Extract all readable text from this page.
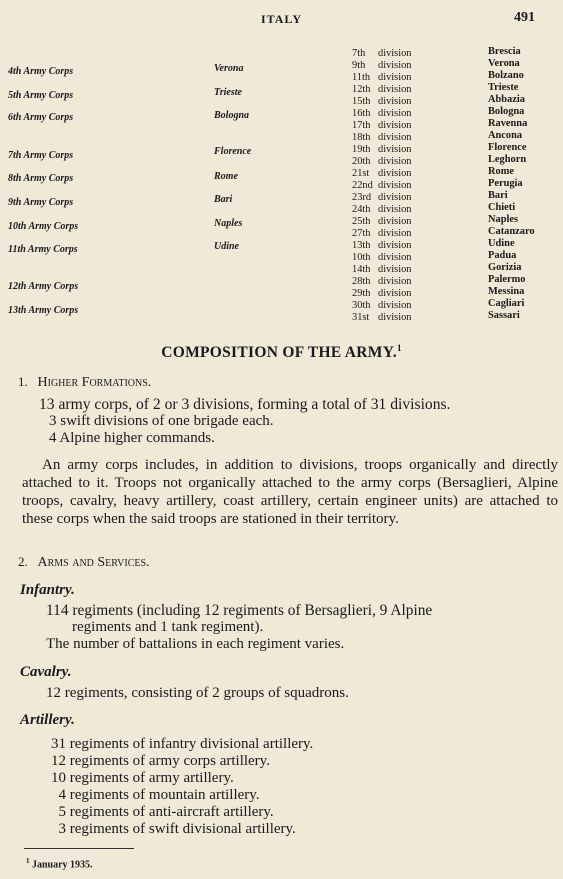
ITALY	491
4th Army Corps
5th Army Corps
6th Army Corps
7th Army Corps
8th Army Corps
9th Army Corps
10th Army Corps
11th Army Corps
12th Army Corps
13th Army Corps
Verona
Trieste
Bologna
Florence
Rome
Bari
Naples
Udine
7th division
9th division
11th division
12th division
15th division
16th division
17th division
18th division
19th division
20th division
21st division
22nd division
23rd division
24th division
25th division
27th division
13th division
10th division
14th division
28th division
29th division
30th division
31st division
Brescia
Verona
Bolzano
Trieste
Abbazia
Bologna
Ravenna
Ancona
Florence
Leghorn
Rome
Perugia
Bari
Chieti
Naples
Catanzaro
Udine
Padua
Gorizia
Palermo
Messina
Cagliari
Sassari
COMPOSITION OF THE ARMY.$^1$
1. Higher Formations.
13 army corps, of 2 or 3 divisions, forming a total of 31 divisions.
3 swift divisions of one brigade each.
4 Alpine higher commands.
An army corps includes, in addition to divisions, troops organically and directly attached to it. Troops not organically attached to the army corps (Bersaglieri, Alpine troops, cavalry, heavy artillery, coast artillery, certain engineer units) are attached to these corps when the said troops are stationed in their territory.
2. Arms and Services.
Infantry.
114 regiments (including 12 regiments of Bersaglieri, 9 Alpine
regiments and 1 tank regiment).
The number of battalions in each regiment varies.
Cavalry.
12 regiments, consisting of 2 groups of squadrons.
Artillery.
31 regiments of infantry divisional artillery.
12 regiments of army corps artillery.
10 regiments of army artillery.
4 regiments of mountain artillery.
5 regiments of anti-aircraft artillery.
3 regiments of swift divisional artillery.
$^1$ January 1935.
